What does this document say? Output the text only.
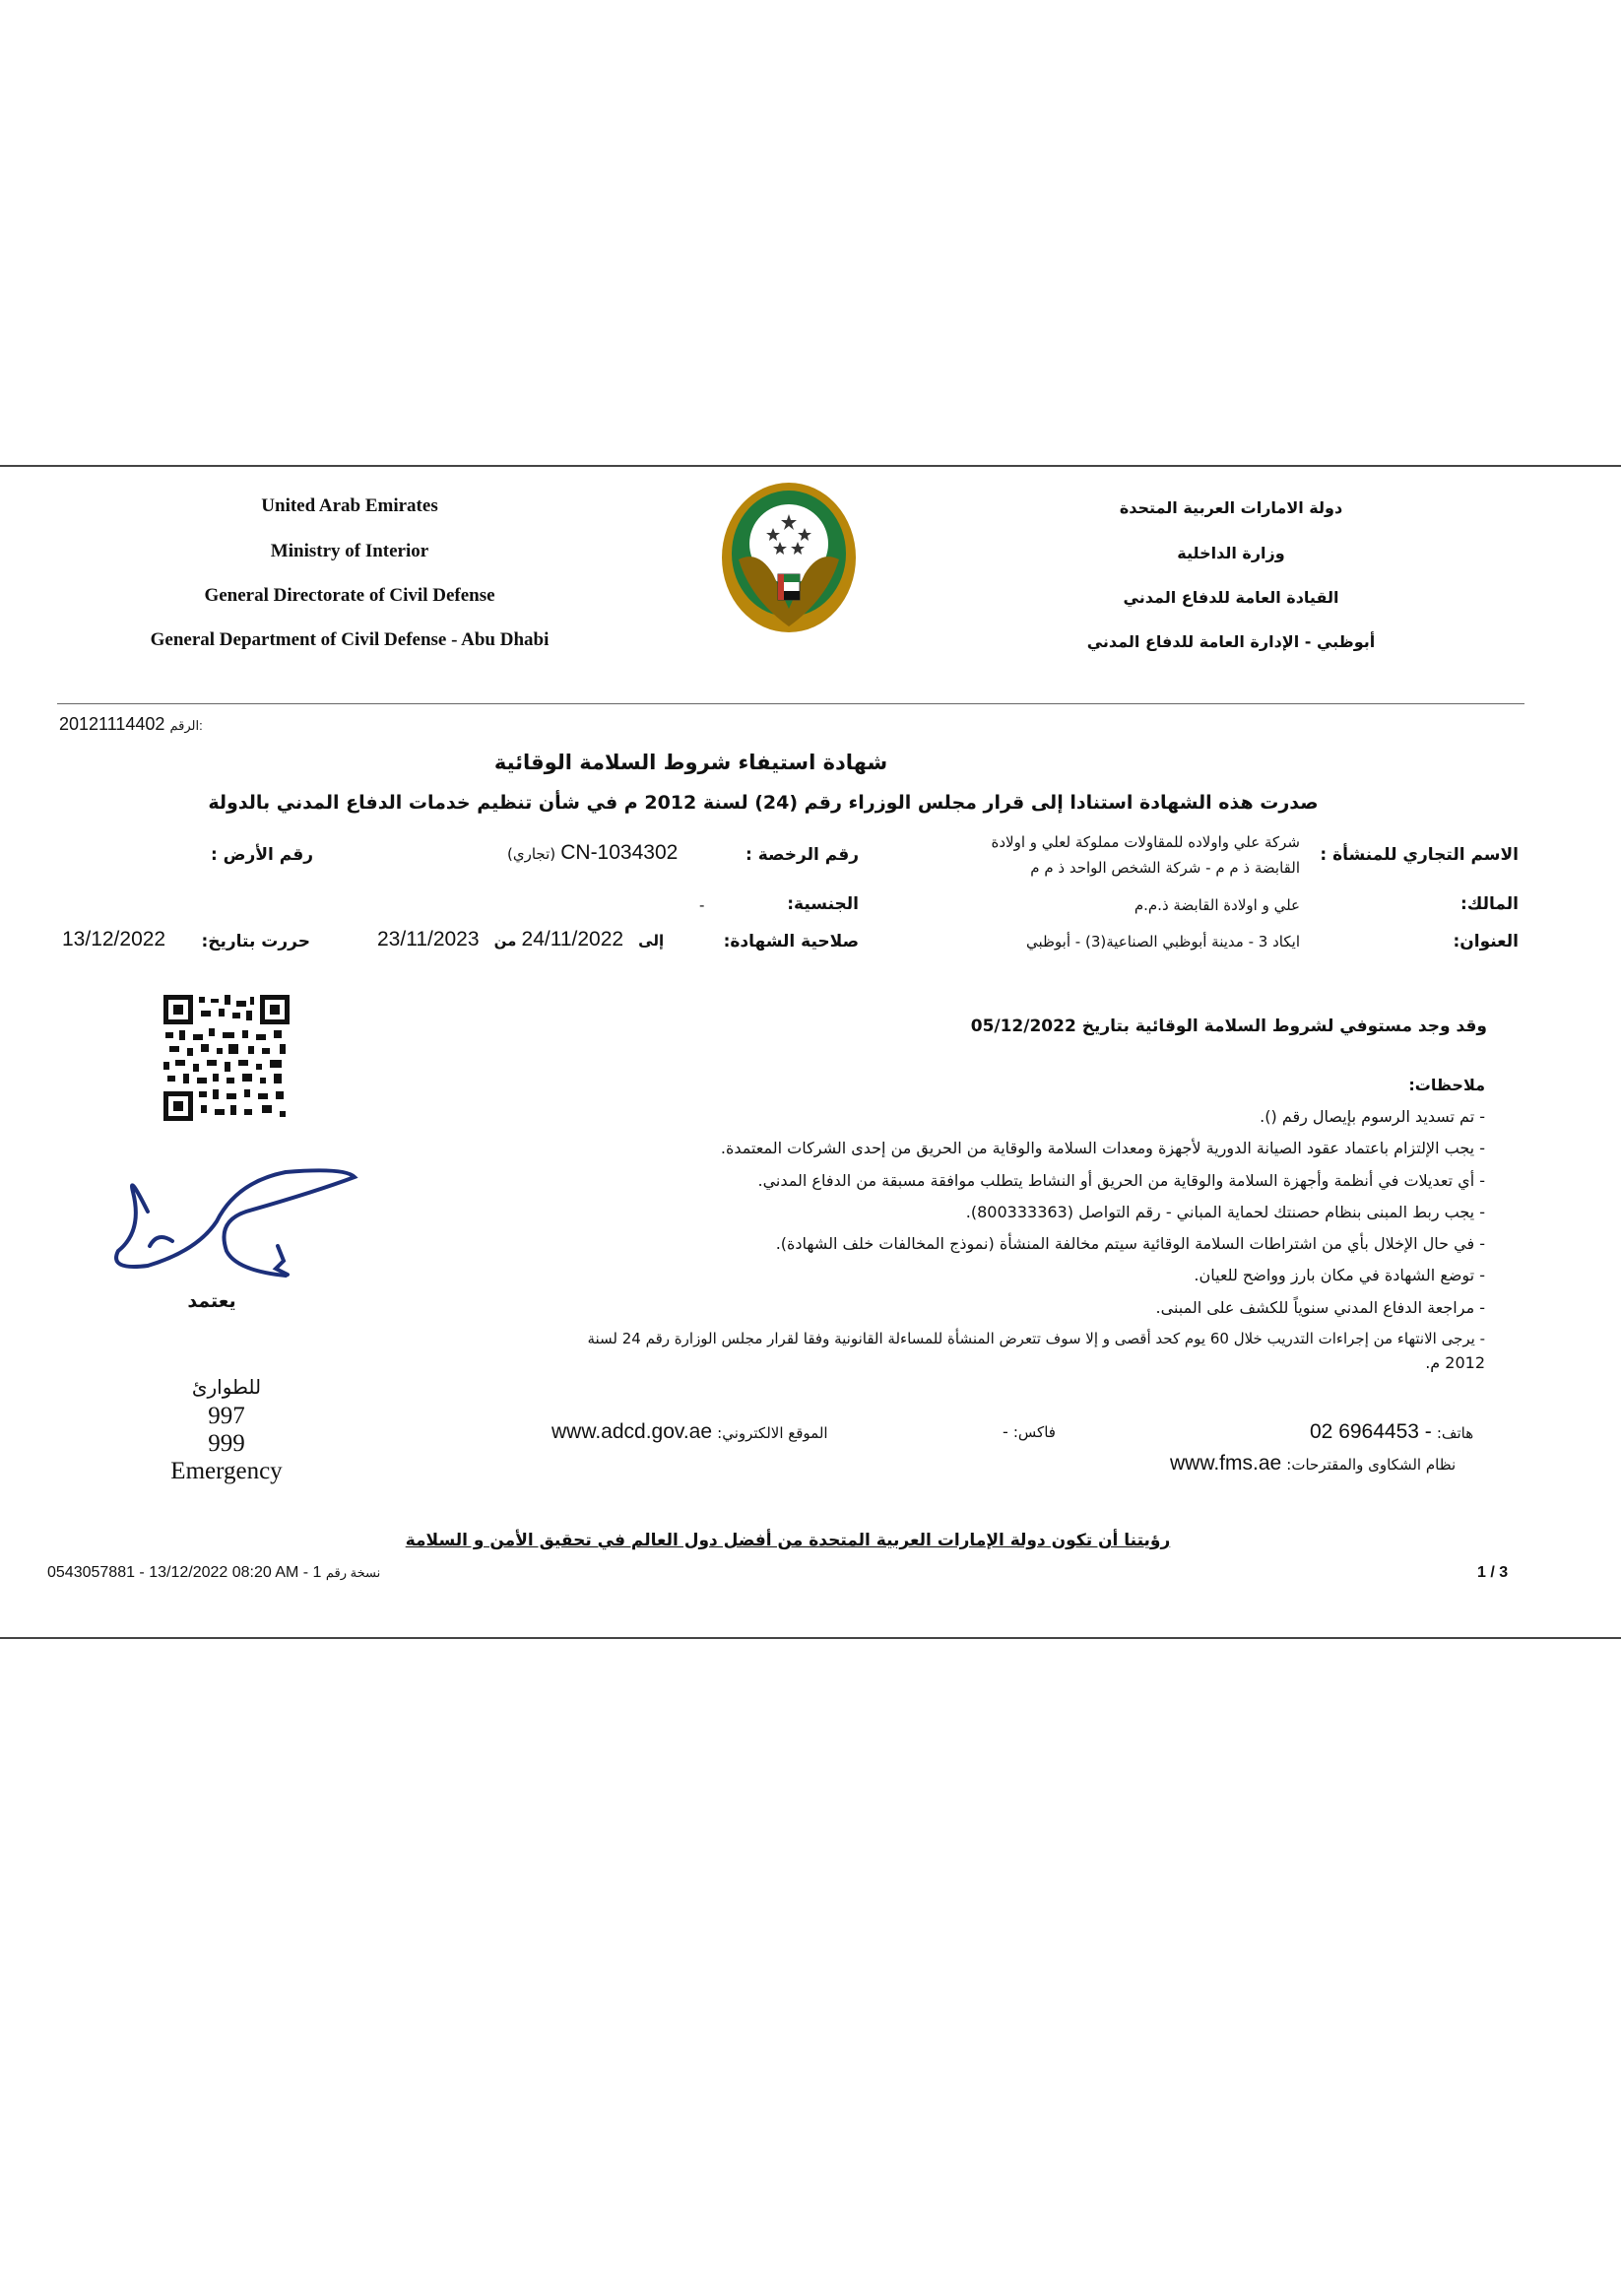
United Arab Emirates
Ministry of Interior
General Directorate of Civil Defense
General Department of Civil Defense - Abu Dhabi
دولة الامارات العربية المتحدة
وزارة الداخلية
القيادة العامة للدفاع المدني
أبوظبي - الإدارة العامة للدفاع المدني
20121114402 الرقم:
شهادة استيفاء شروط السلامة الوقائية
صدرت هذه الشهادة استنادا إلى قرار مجلس الوزراء رقم (24) لسنة 2012 م في شأن تنظيم خدمات الدفاع المدني بالدولة
الاسم التجاري للمنشأة :
شركة علي واولاده للمقاولات مملوكة لعلي و اولادة
القابضة ذ م م - شركة الشخص الواحد ذ م م
رقم الرخصة :
(تجاري) CN-1034302
رقم الأرض :
المالك:
علي و اولادة القابضة ذ.م.م
الجنسية:
-
العنوان:
ايكاد 3 - مدينة أبوظبي الصناعية(3) - أبوظبي
صلاحية الشهادة:
23/11/2023	إلى 24/11/2022 من
حررت بتاريخ:
13/12/2022
يعتمد
وقد وجد مستوفي لشروط السلامة الوقائية بتاريخ 05/12/2022
ملاحظات:
- تم تسديد الرسوم بإيصال رقم ().
- يجب الإلتزام باعتماد عقود الصيانة الدورية لأجهزة ومعدات السلامة والوقاية من الحريق من إحدى الشركات المعتمدة.
- أي تعديلات في أنظمة وأجهزة السلامة والوقاية من الحريق أو النشاط يتطلب موافقة مسبقة من الدفاع المدني.
- يجب ربط المبنى بنظام حصنتك لحماية المباني - رقم التواصل (800333363).
- في حال الإخلال بأي من اشتراطات السلامة الوقائية سيتم مخالفة المنشأة (نموذج المخالفات خلف الشهادة).
- توضع الشهادة في مكان بارز وواضح للعيان.
- مراجعة الدفاع المدني سنوياً للكشف على المبنى.
- يرجى الانتهاء من إجراءات التدريب خلال 60 يوم كحد أقصى و إلا سوف تتعرض المنشأة للمساءلة القانونية وفقا لقرار مجلس الوزارة رقم 24 لسنة
2012 م.
للطوارئ
997
999
Emergency
هاتف: 02 6964453 -
فاكس: -
الموقع الالكتروني: www.adcd.gov.ae
نظام الشكاوى والمقترحات: www.fms.ae
رؤيتنا أن تكون دولة الإمارات العربية المتحدة من أفضل دول العالم في تحقيق الأمن و السلامة
0543057881 - 13/12/2022 08:20 AM - 1 نسخة رقم	1 / 3
